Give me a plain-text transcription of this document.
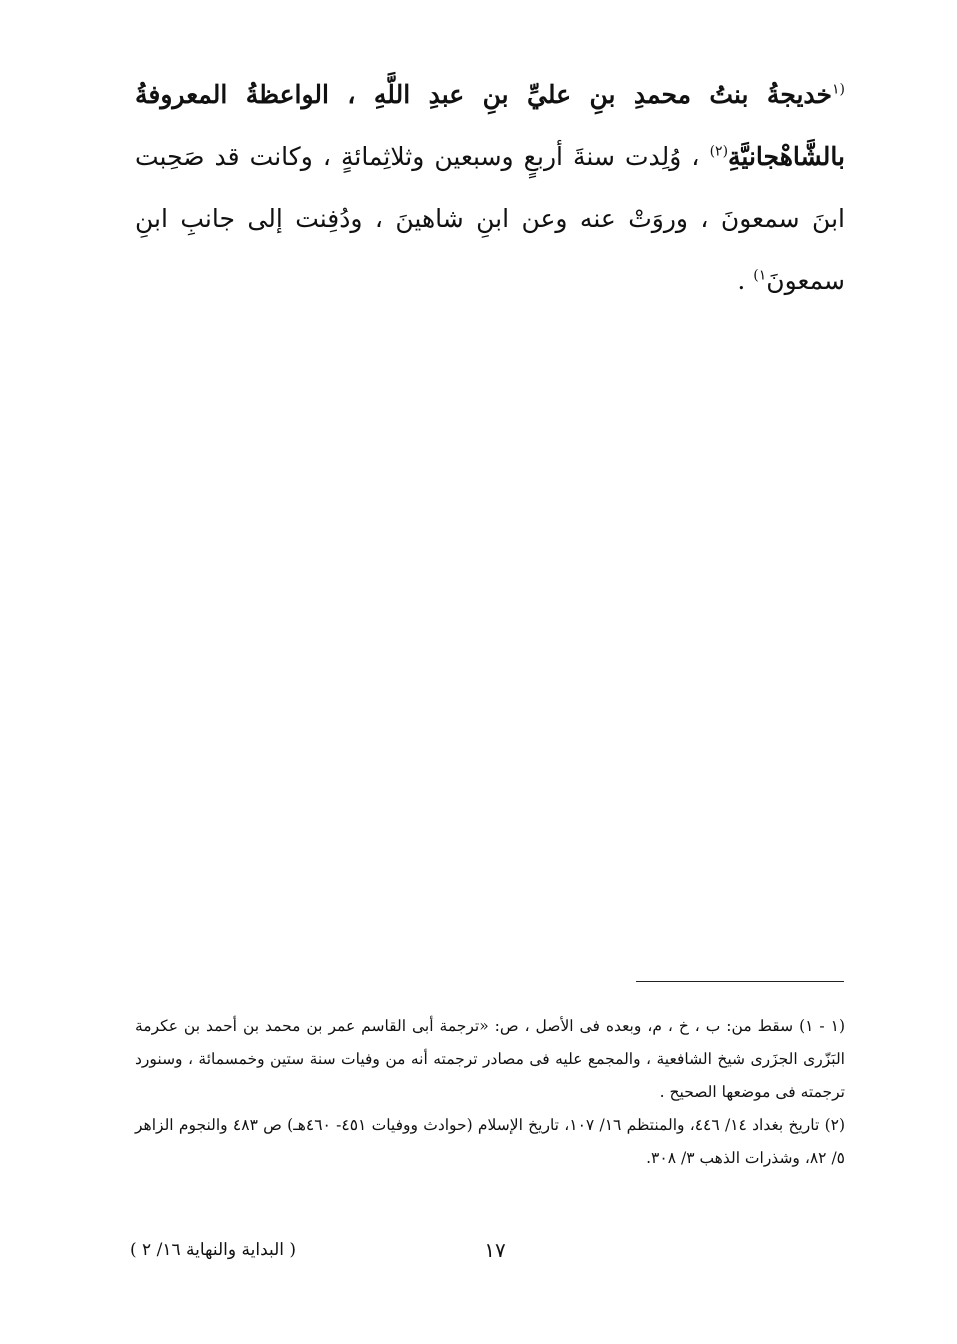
$^{(١}$خديجةُ بنتُ محمدِ بنِ عليِّ بنِ عبدِ اللَّهِ ، الواعظةُ المعروفةُ بالشَّاهْجانيَّةِ$^{(٢)}$ ، وُلِدت سنةَ أربعٍ وسبعين وثلاثِمائةٍ ، وكانت قد صَحِبت ابنَ سمعونَ ، وروَتْ عنه وعن ابنِ شاهينَ ، ودُفِنت إلى جانبِ ابنِ سمعونَ$^{١)}$ .

(١ - ١) سقط من: ب ، خ ، م، وبعده فى الأصل ، ص: «ترجمة أبى القاسم عمر بن محمد بن أحمد بن عكرمة البَزّرى الجزَرى شيخ الشافعية ، والمجمع عليه فى مصادر ترجمته أنه من وفيات سنة ستين وخمسمائة ، وسنورد ترجمته فى موضعها الصحيح .

(٢) تاريخ بغداد ١٤/ ٤٤٦، والمنتظم ١٦/ ١٠٧، تاريخ الإسلام (حوادث ووفيات ٤٥١- ٤٦٠هـ) ص ٤٨٣ والنجوم الزاهر ٥/ ٨٢، وشذرات الذهب ٣/ ٣٠٨.

١٧
( البداية والنهاية ١٦/ ٢ )
